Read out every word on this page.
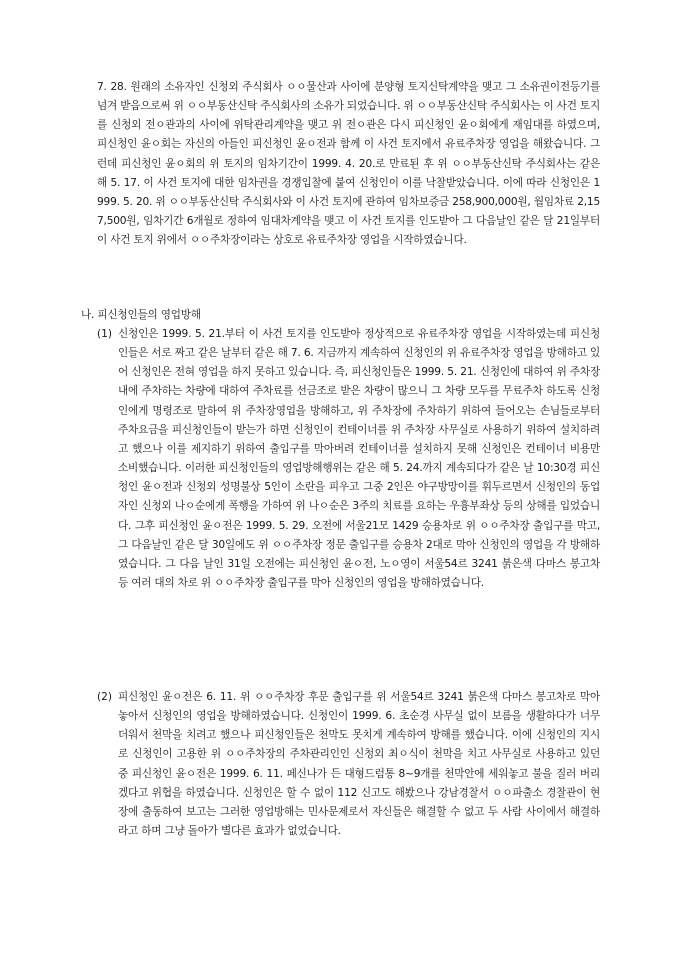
7. 28. 원래의 소유자인 신청외 주식회사 ㅇㅇ물산과 사이에 분양형 토지신탁계약을 맺고 그 소유권이전등기를 넘겨 받음으로써 위 ㅇㅇ부동산신탁 주식회사의 소유가 되었습니다. 위 ㅇㅇ부동산신탁 주식회사는 이 사건 토지를 신청외 전ㅇ관과의 사이에 위탁관리계약을 맺고 위 전ㅇ관은 다시 피신청인 윤ㅇ회에게 재임대를 하였으며, 피신청인 윤ㅇ회는 자신의 아들인 피신청인 윤ㅇ전과 함께 이 사건 토지에서 유료주차장 영업을 해왔습니다. 그런데 피신청인 윤ㅇ회의 위 토지의 임차기간이 1999. 4. 20.로 만료된 후 위 ㅇㅇ부동산신탁 주식회사는 같은 해 5. 17. 이 사건 토지에 대한 임차권을 경쟁입찰에 붙여 신청인이 이를 낙찰받았습니다. 이에 따라 신청인은 1999. 5. 20. 위 ㅇㅇ부동산신탁 주식회사와 이 사건 토지에 관하여 임차보증금 258,900,000원, 월임차료 2,157,500원, 임차기간 6개월로 정하여 임대차계약을 맺고 이 사건 토지를 인도받아 그 다음날인 같은 달 21일부터 이 사건 토지 위에서 ㅇㅇ주차장이라는 상호로 유료주차장 영업을 시작하였습니다.
나. 피신청인들의 영업방해
(1) 신청인은 1999. 5. 21.부터 이 사건 토지를 인도받아 정상적으로 유료주차장 영업을 시작하였는데 피신청인들은 서로 짜고 같은 날부터 같은 해 7. 6. 지금까지 계속하여 신청인의 위 유료주차장 영업을 방해하고 있어 신청인은 전혀 영업을 하지 못하고 있습니다. 즉, 피신청인들은 1999. 5. 21. 신청인에 대하여 위 주차장 내에 주차하는 차량에 대하여 주차료를 선금조로 받은 차량이 많으니 그 차량 모두를 무료주차 하도록 신청인에게 명령조로 말하여 위 주차장영업을 방해하고, 위 주차장에 주차하기 위하여 들어오는 손님들로부터 주차요금을 피신청인들이 받는가 하면 신청인이 컨테이너를 위 주차장 사무실로 사용하기 위하여 설치하려고 했으나 이를 제지하기 위하여 출입구를 막아버려 컨테이너를 설치하지 못해 신청인은 컨테이너 비용만 소비했습니다. 이러한 피신청인들의 영업방해행위는 같은 해 5. 24.까지 계속되다가 같은 날 10:30경 피신청인 윤ㅇ전과 신청외 성명불상 5인이 소란을 피우고 그중 2인은 야구방망이를 휘두르면서 신청인의 동업자인 신청외 나ㅇ순에게 폭행을 가하여 위 나ㅇ순은 3주의 치료를 요하는 우흉부좌상 등의 상해를 입었습니다. 그후 피신청인 윤ㅇ전은 1999. 5. 29. 오전에 서울21모 1429 승용차로 위 ㅇㅇ주차장 출입구를 막고, 그 다음날인 같은 달 30일에도 위 ㅇㅇ주차장 정문 출입구를 승용차 2대로 막아 신청인의 영업을 각 방해하였습니다. 그 다음 날인 31일 오전에는 피신청인 윤ㅇ전, 노ㅇ영이 서울54르 3241 붉은색 다마스 봉고차 등 여러 대의 차로 위 ㅇㅇ주차장 출입구를 막아 신청인의 영업을 방해하였습니다.
(2) 피신청인 윤ㅇ전은 6. 11. 위 ㅇㅇ주차장 후문 출입구를 위 서울54르 3241 붉은색 다마스 봉고차로 막아 놓아서 신청인의 영업을 방해하였습니다. 신청인이 1999. 6. 초순경 사무실 없이 보름을 생활하다가 너무 더워서 천막을 치려고 했으나 피신청인들은 천막도 못치게 계속하여 방해를 했습니다. 이에 신청인의 지시로 신청인이 고용한 위 ㅇㅇ주차장의 주차관리인인 신청외 최ㅇ식이 천막을 치고 사무실로 사용하고 있던 중 피신청인 윤ㅇ전은 1999. 6. 11. 페신나가 든 대형드럼통 8~9개를 천막안에 세워놓고 불을 질러 버리겠다고 위협을 하였습니다. 신청인은 할 수 없이 112 신고도 해봤으나 강남경찰서 ㅇㅇ파출소 경찰관이 현장에 출동하여 보고는 그러한 영업방해는 민사문제로서 자신들은 해결할 수 없고 두 사람 사이에서 해결하라고 하며 그냥 돌아가 별다른 효과가 없었습니다.
